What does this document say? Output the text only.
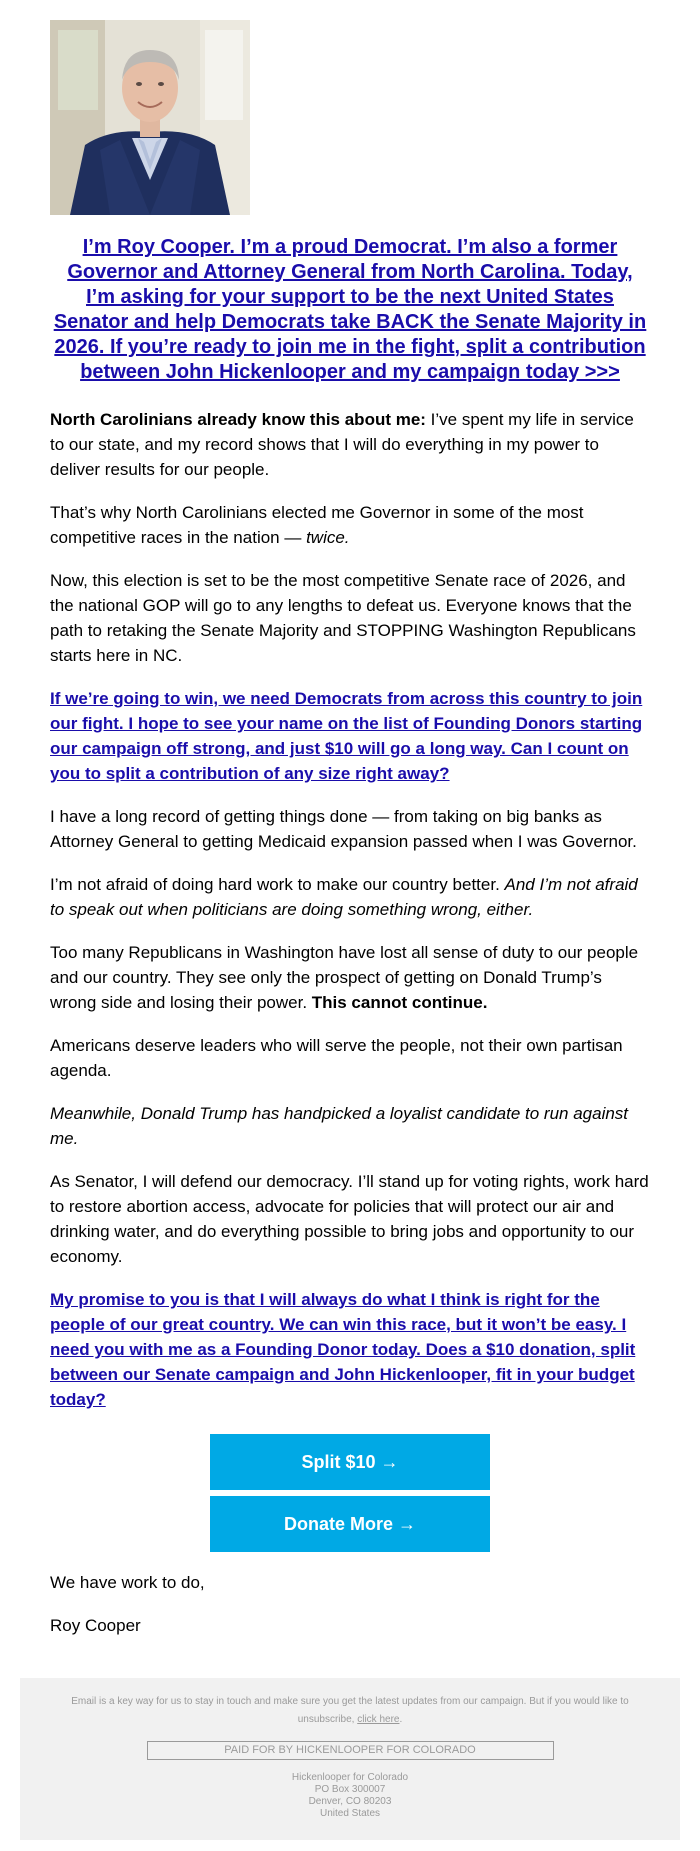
I’m Roy Cooper. I’m a proud Democrat. I’m also a former Governor and Attorney General from North Carolina. Today, I’m asking for your support to be the next United States Senator and help Democrats take BACK the Senate Majority in 2026. If you’re ready to join me in the fight, split a contribution between John Hickenlooper and my campaign today >>>

North Carolinians already know this about me: I’ve spent my life in service to our state, and my record shows that I will do everything in my power to deliver results for our people.

That’s why North Carolinians elected me Governor in some of the most competitive races in the nation — twice.

Now, this election is set to be the most competitive Senate race of 2026, and the national GOP will go to any lengths to defeat us. Everyone knows that the path to retaking the Senate Majority and STOPPING Washington Republicans starts here in NC.

If we’re going to win, we need Democrats from across this country to join our fight. I hope to see your name on the list of Founding Donors starting our campaign off strong, and just $10 will go a long way. Can I count on you to split a contribution of any size right away?

I have a long record of getting things done — from taking on big banks as Attorney General to getting Medicaid expansion passed when I was Governor.

I’m not afraid of doing hard work to make our country better. And I’m not afraid to speak out when politicians are doing something wrong, either.

Too many Republicans in Washington have lost all sense of duty to our people and our country. They see only the prospect of getting on Donald Trump’s wrong side and losing their power. This cannot continue.

Americans deserve leaders who will serve the people, not their own partisan agenda.

Meanwhile, Donald Trump has handpicked a loyalist candidate to run against me.

As Senator, I will defend our democracy. I’ll stand up for voting rights, work hard to restore abortion access, advocate for policies that will protect our air and drinking water, and do everything possible to bring jobs and opportunity to our economy.

My promise to you is that I will always do what I think is right for the people of our great country. We can win this race, but it won’t be easy. I need you with me as a Founding Donor today. Does a $10 donation, split between our Senate campaign and John Hickenlooper, fit in your budget today?

Split $10 →
Donate More →

We have work to do,

Roy Cooper

Email is a key way for us to stay in touch and make sure you get the latest updates from our campaign. But if you would like to unsubscribe, click here.
PAID FOR BY HICKENLOOPER FOR COLORADO
Hickenlooper for Colorado
PO Box 300007
Denver, CO 80203
United States
